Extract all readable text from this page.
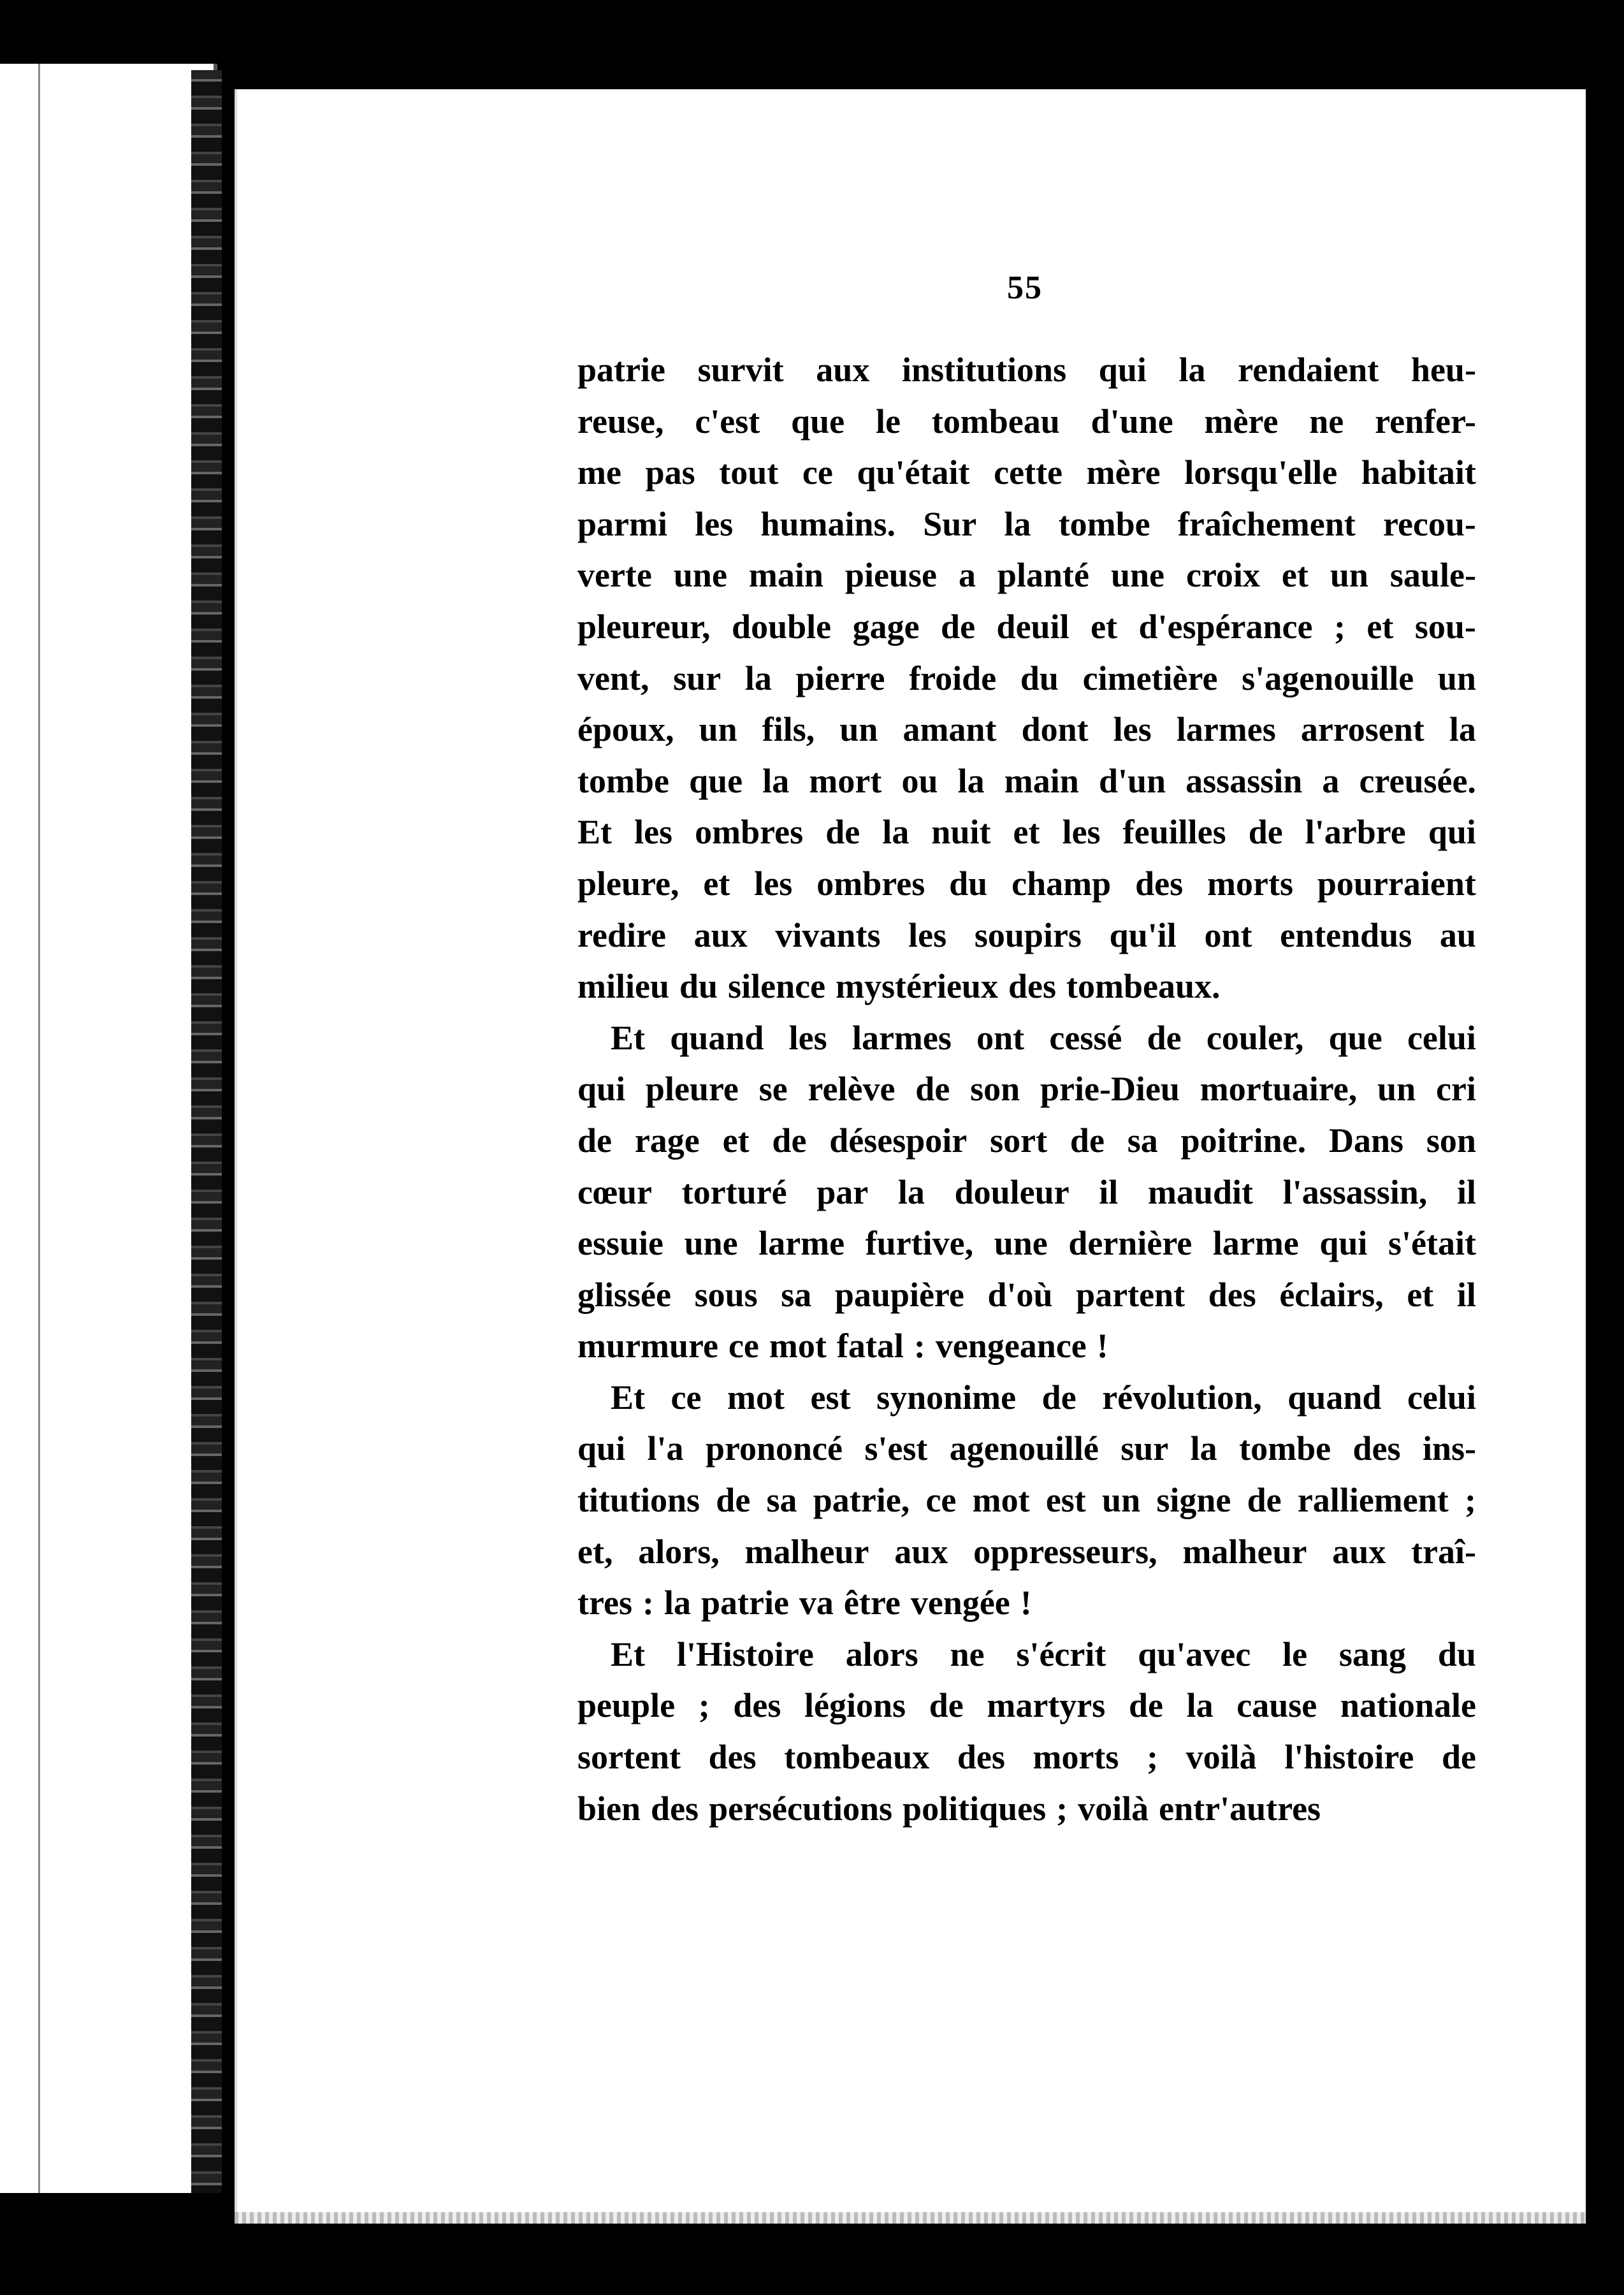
55
patrie survit aux institutions qui la rendaient heu-
reuse, c'est que le tombeau d'une mère ne renfer-
me pas tout ce qu'était cette mère lorsqu'elle habitait
parmi les humains. Sur la tombe fraîchement recou-
verte une main pieuse a planté une croix et un saule-
pleureur, double gage de deuil et d'espérance ; et sou-
vent, sur la pierre froide du cimetière s'agenouille un
époux, un fils, un amant dont les larmes arrosent la
tombe que la mort ou la main d'un assassin a creusée.
Et les ombres de la nuit et les feuilles de l'arbre qui
pleure, et les ombres du champ des morts pourraient
redire aux vivants les soupirs qu'il ont entendus au
milieu du silence mystérieux des tombeaux.
Et quand les larmes ont cessé de couler, que celui
qui pleure se relève de son prie-Dieu mortuaire, un cri
de rage et de désespoir sort de sa poitrine. Dans son
cœur torturé par la douleur il maudit l'assassin, il
essuie une larme furtive, une dernière larme qui s'était
glissée sous sa paupière d'où partent des éclairs, et il
murmure ce mot fatal : vengeance !
Et ce mot est synonime de révolution, quand celui
qui l'a prononcé s'est agenouillé sur la tombe des ins-
titutions de sa patrie, ce mot est un signe de ralliement ;
et, alors, malheur aux oppresseurs, malheur aux traî-
tres : la patrie va être vengée !
Et l'Histoire alors ne s'écrit qu'avec le sang du
peuple ; des légions de martyrs de la cause nationale
sortent des tombeaux des morts ; voilà l'histoire de
bien des persécutions politiques ; voilà entr'autres
